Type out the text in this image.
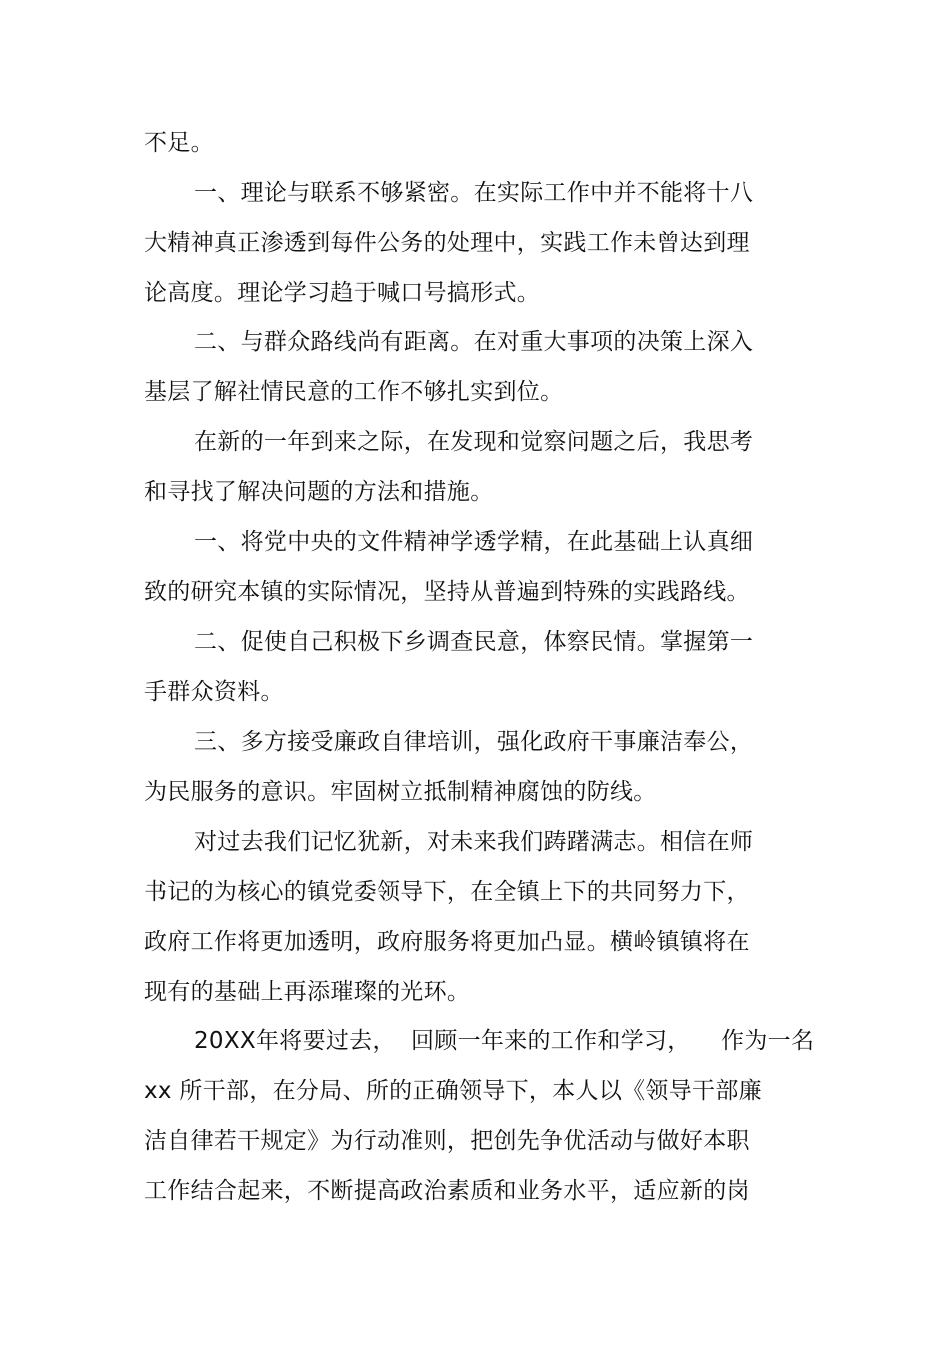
不足。
一、理论与联系不够紧密。在实际工作中并不能将十八
大精神真正渗透到每件公务的处理中，实践工作未曾达到理
论高度。理论学习趋于喊口号搞形式。
二、与群众路线尚有距离。在对重大事项的决策上深入
基层了解社情民意的工作不够扎实到位。
在新的一年到来之际，在发现和觉察问题之后，我思考
和寻找了解决问题的方法和措施。
一、将党中央的文件精神学透学精，在此基础上认真细
致的研究本镇的实际情况，坚持从普遍到特殊的实践路线。
二、促使自己积极下乡调查民意，体察民情。掌握第一
手群众资料。
三、多方接受廉政自律培训，强化政府干事廉洁奉公，
为民服务的意识。牢固树立抵制精神腐蚀的防线。
对过去我们记忆犹新，对未来我们踌躇满志。相信在师
书记的为核心的镇党委领导下，在全镇上下的共同努力下，
政府工作将更加透明，政府服务将更加凸显。横岭镇镇将在
现有的基础上再添璀璨的光环。
20XX年将要过去，  回顾一年来的工作和学习，    作为一名
xx 所干部，在分局、所的正确领导下，本人以《领导干部廉
洁自律若干规定》为行动准则，把创先争优活动与做好本职
工作结合起来，不断提高政治素质和业务水平，适应新的岗
